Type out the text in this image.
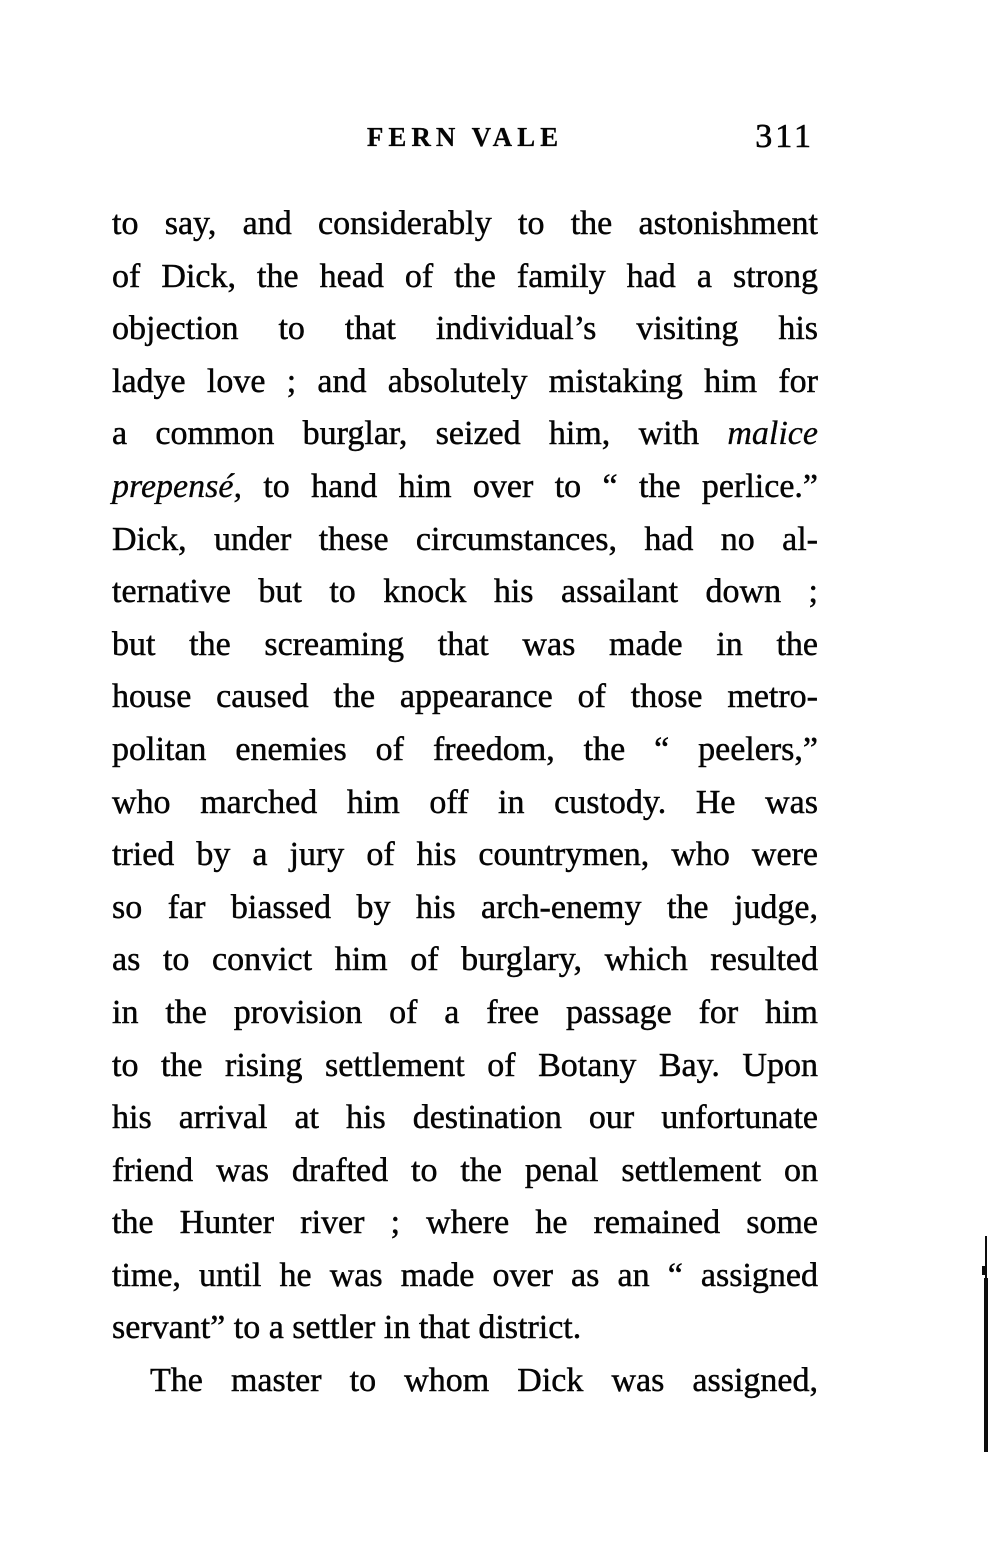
FERN VALE	311
to say, and considerably to the astonishment
of Dick, the head of the family had a strong
objection to that individual’s visiting his
ladye love ; and absolutely mistaking him for
a common burglar, seized him, with malice
prepensé, to hand him over to “ the perlice.”
Dick, under these circumstances, had no al-
ternative but to knock his assailant down ;
but the screaming that was made in the
house caused the appearance of those metro-
politan enemies of freedom, the “ peelers,”
who marched him off in custody. He was
tried by a jury of his countrymen, who were
so far biassed by his arch-enemy the judge,
as to convict him of burglary, which resulted
in the provision of a free passage for him
to the rising settlement of Botany Bay. Upon
his arrival at his destination our unfortunate
friend was drafted to the penal settlement on
the Hunter river ; where he remained some
time, until he was made over as an “ assigned
servant” to a settler in that district.
The master to whom Dick was assigned,
